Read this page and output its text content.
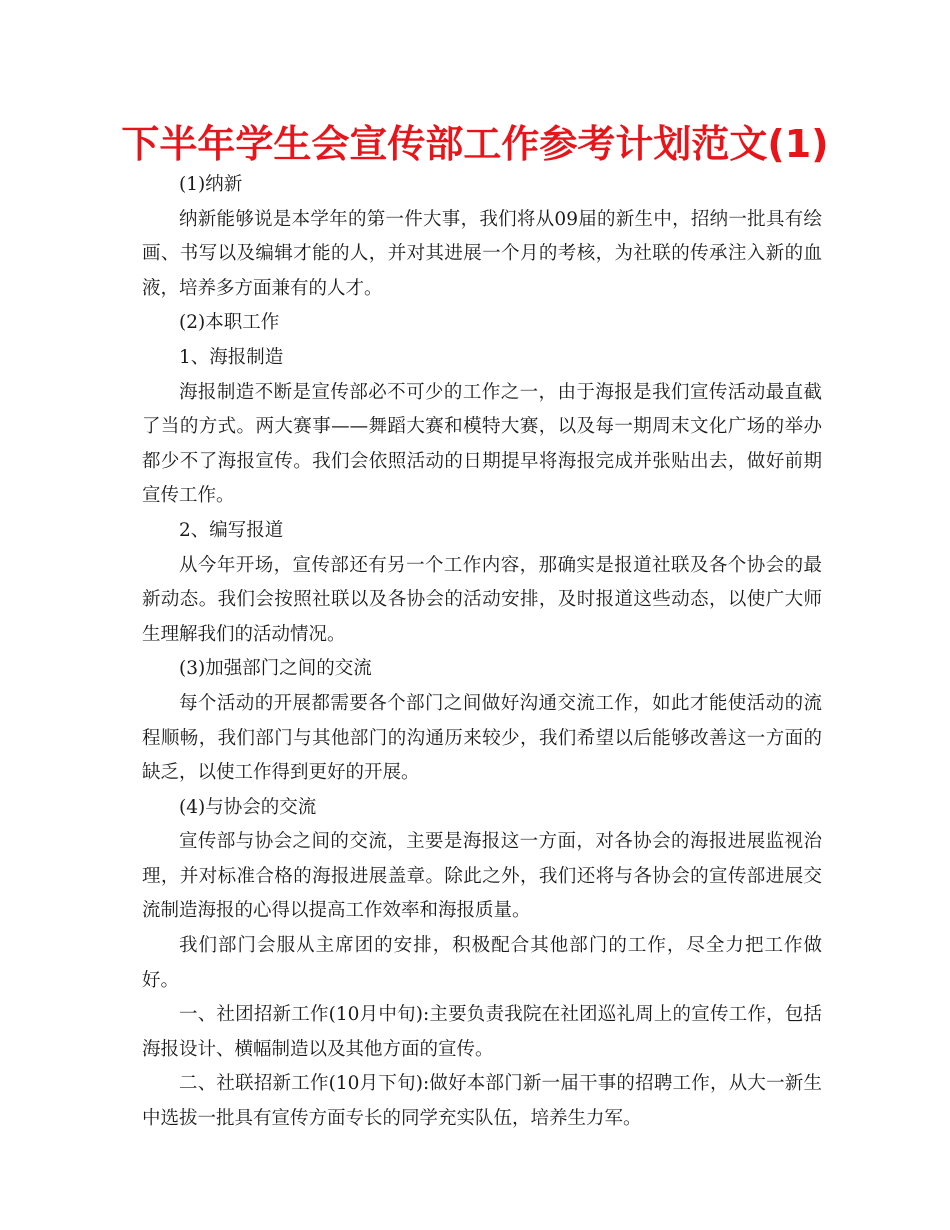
下半年学生会宣传部工作参考计划范文(1)

(1)纳新

纳新能够说是本学年的第一件大事，我们将从09届的新生中，招纳一批具有绘画、书写以及编辑才能的人，并对其进展一个月的考核，为社联的传承注入新的血液，培养多方面兼有的人才。

(2)本职工作

1、海报制造

海报制造不断是宣传部必不可少的工作之一，由于海报是我们宣传活动最直截了当的方式。两大赛事——舞蹈大赛和模特大赛，以及每一期周末文化广场的举办都少不了海报宣传。我们会依照活动的日期提早将海报完成并张贴出去，做好前期宣传工作。

2、编写报道

从今年开场，宣传部还有另一个工作内容，那确实是报道社联及各个协会的最新动态。我们会按照社联以及各协会的活动安排，及时报道这些动态，以使广大师生理解我们的活动情况。

(3)加强部门之间的交流

每个活动的开展都需要各个部门之间做好沟通交流工作，如此才能使活动的流程顺畅，我们部门与其他部门的沟通历来较少，我们希望以后能够改善这一方面的缺乏，以使工作得到更好的开展。

(4)与协会的交流

宣传部与协会之间的交流，主要是海报这一方面，对各协会的海报进展监视治理，并对标准合格的海报进展盖章。除此之外，我们还将与各协会的宣传部进展交流制造海报的心得以提高工作效率和海报质量。

我们部门会服从主席团的安排，积极配合其他部门的工作，尽全力把工作做好。

一、社团招新工作(10月中旬):主要负责我院在社团巡礼周上的宣传工作，包括海报设计、横幅制造以及其他方面的宣传。

二、社联招新工作(10月下旬):做好本部门新一届干事的招聘工作，从大一新生中选拔一批具有宣传方面专长的同学充实队伍，培养生力军。
